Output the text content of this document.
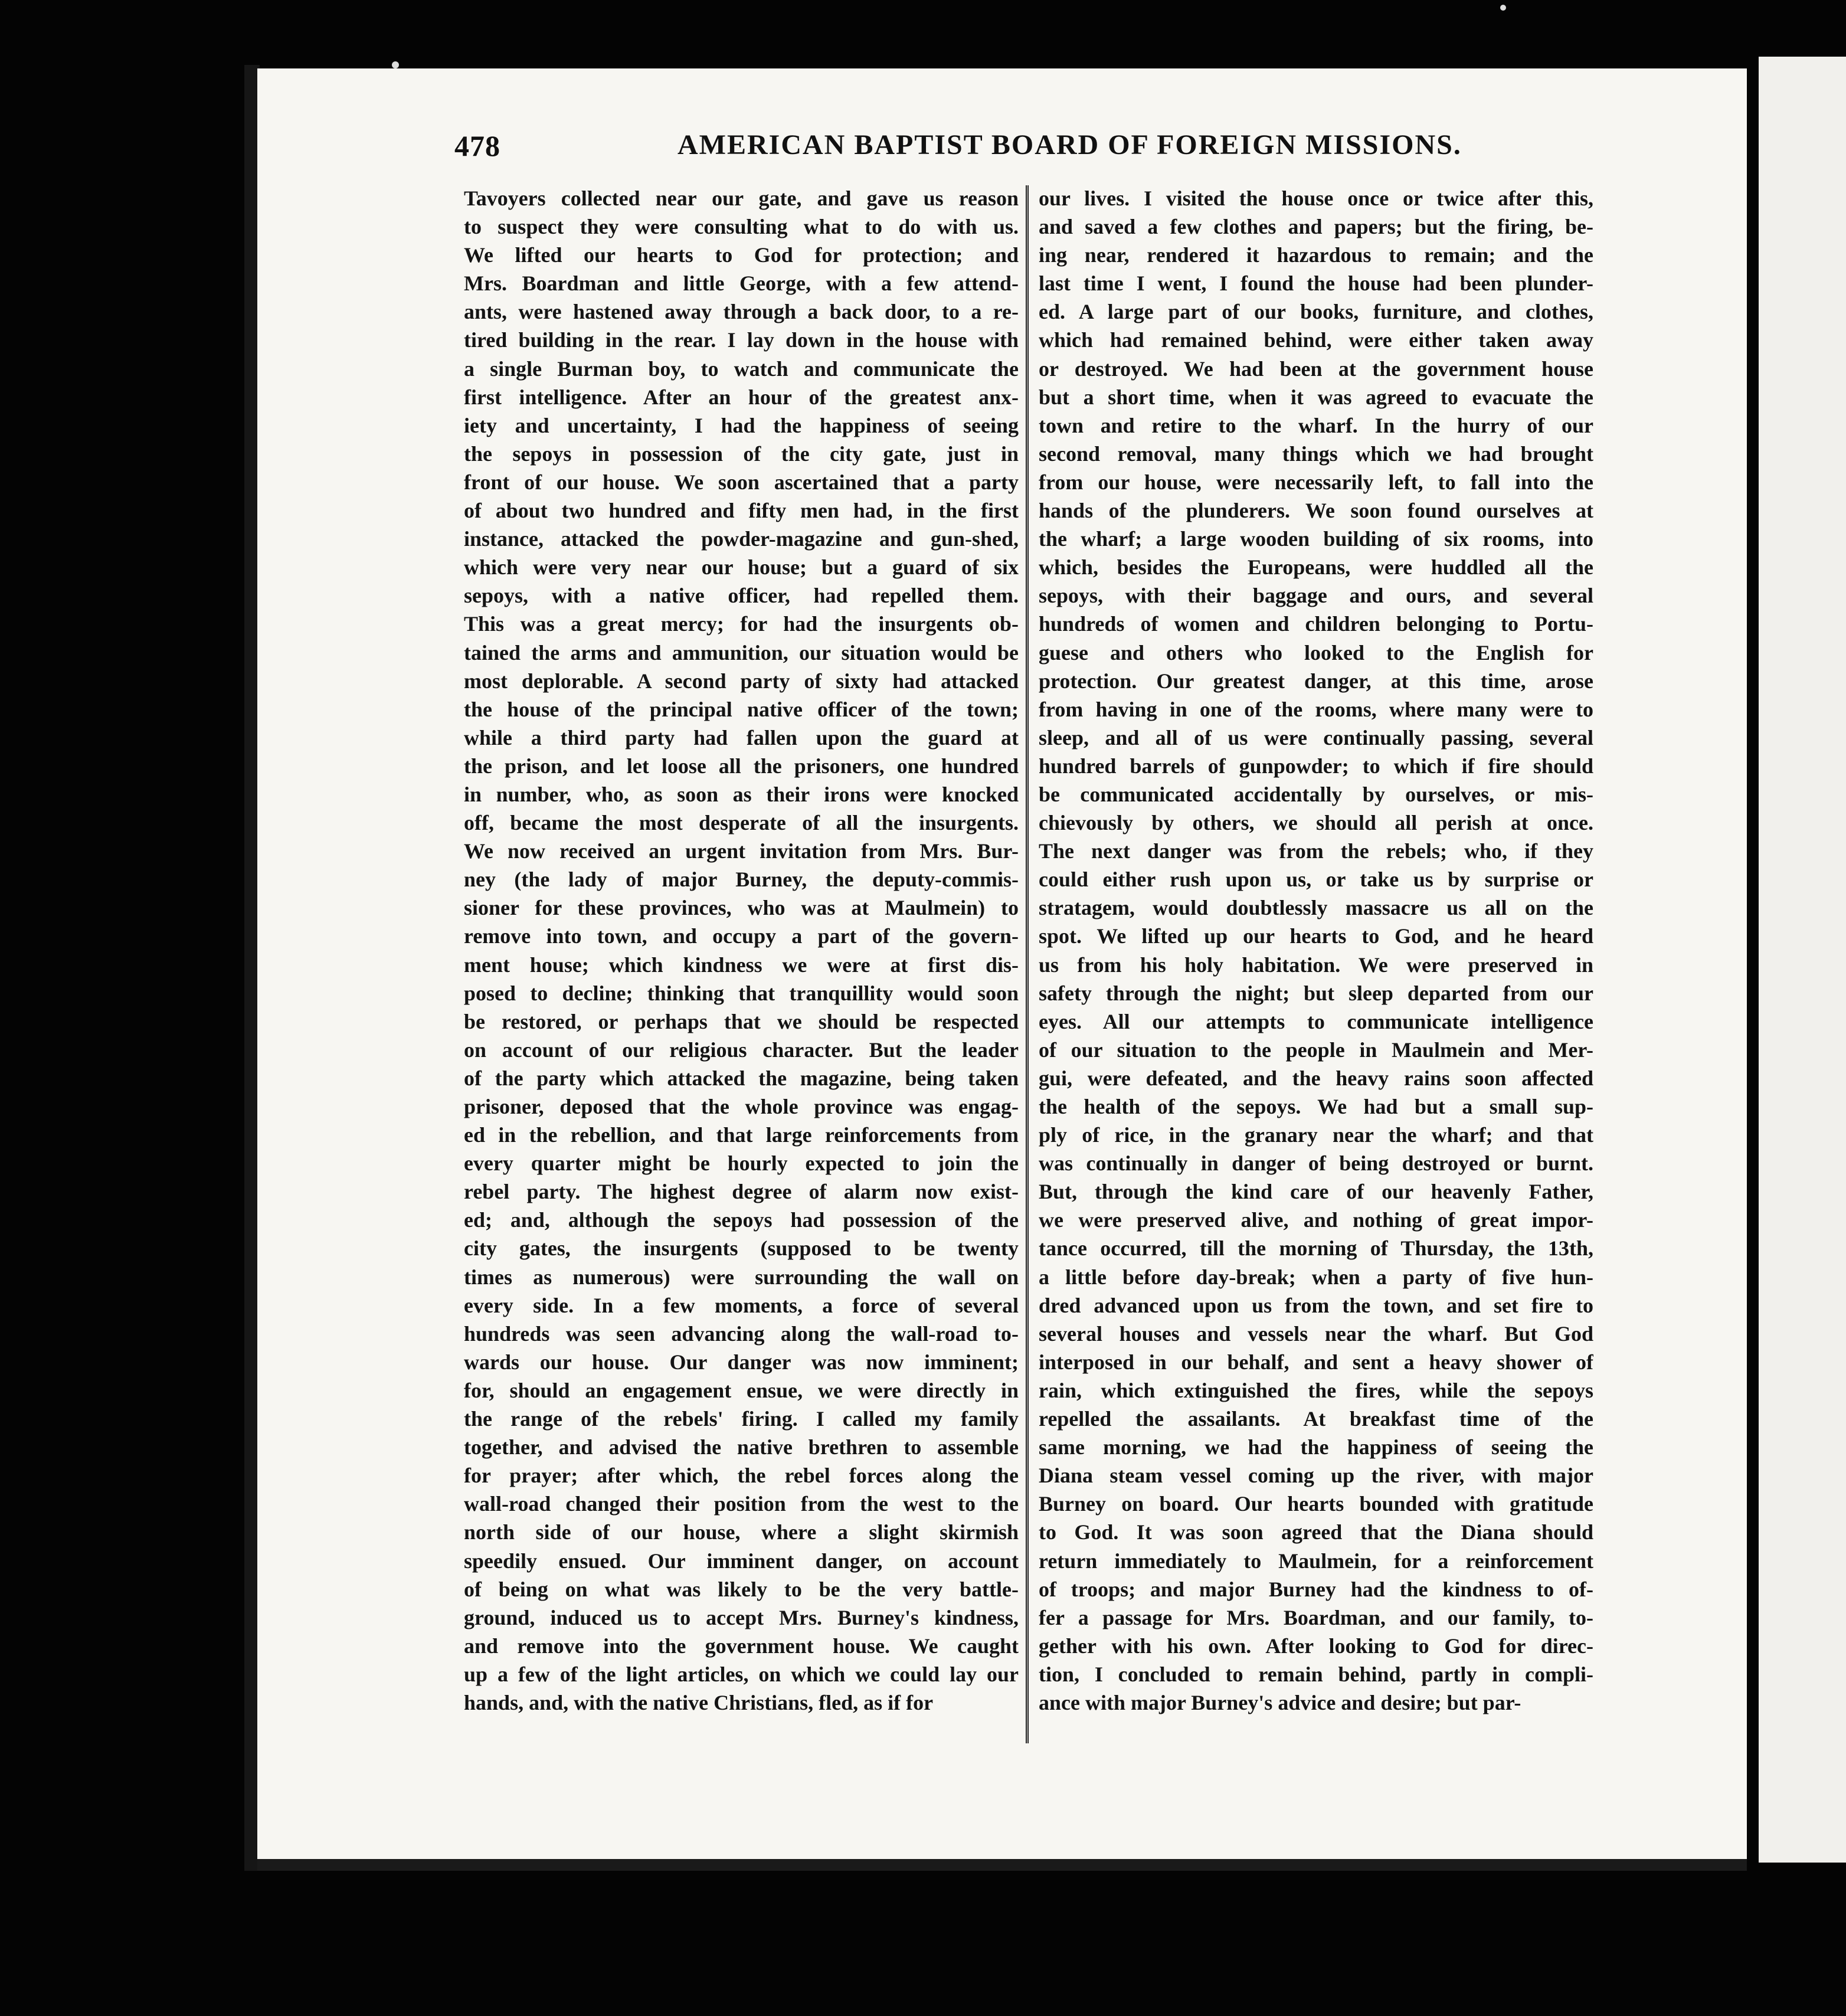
478	AMERICAN BAPTIST BOARD OF FOREIGN MISSIONS.
Tavoyers collected near our gate, and gave us reason
to suspect they were consulting what to do with us.
We lifted our hearts to God for protection; and
Mrs. Boardman and little George, with a few attend-
ants, were hastened away through a back door, to a re-
tired building in the rear. I lay down in the house with
a single Burman boy, to watch and communicate the
first intelligence. After an hour of the greatest anx-
iety and uncertainty, I had the happiness of seeing
the sepoys in possession of the city gate, just in
front of our house. We soon ascertained that a party
of about two hundred and fifty men had, in the first
instance, attacked the powder-magazine and gun-shed,
which were very near our house; but a guard of six
sepoys, with a native officer, had repelled them.
This was a great mercy; for had the insurgents ob-
tained the arms and ammunition, our situation would be
most deplorable. A second party of sixty had attacked
the house of the principal native officer of the town;
while a third party had fallen upon the guard at
the prison, and let loose all the prisoners, one hundred
in number, who, as soon as their irons were knocked
off, became the most desperate of all the insurgents.
We now received an urgent invitation from Mrs. Bur-
ney (the lady of major Burney, the deputy-commis-
sioner for these provinces, who was at Maulmein) to
remove into town, and occupy a part of the govern-
ment house; which kindness we were at first dis-
posed to decline; thinking that tranquillity would soon
be restored, or perhaps that we should be respected
on account of our religious character. But the leader
of the party which attacked the magazine, being taken
prisoner, deposed that the whole province was engag-
ed in the rebellion, and that large reinforcements from
every quarter might be hourly expected to join the
rebel party. The highest degree of alarm now exist-
ed; and, although the sepoys had possession of the
city gates, the insurgents (supposed to be twenty
times as numerous) were surrounding the wall on
every side. In a few moments, a force of several
hundreds was seen advancing along the wall-road to-
wards our house. Our danger was now imminent;
for, should an engagement ensue, we were directly in
the range of the rebels' firing. I called my family
together, and advised the native brethren to assemble
for prayer; after which, the rebel forces along the
wall-road changed their position from the west to the
north side of our house, where a slight skirmish
speedily ensued. Our imminent danger, on account
of being on what was likely to be the very battle-
ground, induced us to accept Mrs. Burney's kindness,
and remove into the government house. We caught
up a few of the light articles, on which we could lay our
hands, and, with the native Christians, fled, as if for
our lives. I visited the house once or twice after this,
and saved a few clothes and papers; but the firing, be-
ing near, rendered it hazardous to remain; and the
last time I went, I found the house had been plunder-
ed. A large part of our books, furniture, and clothes,
which had remained behind, were either taken away
or destroyed. We had been at the government house
but a short time, when it was agreed to evacuate the
town and retire to the wharf. In the hurry of our
second removal, many things which we had brought
from our house, were necessarily left, to fall into the
hands of the plunderers. We soon found ourselves at
the wharf; a large wooden building of six rooms, into
which, besides the Europeans, were huddled all the
sepoys, with their baggage and ours, and several
hundreds of women and children belonging to Portu-
guese and others who looked to the English for
protection. Our greatest danger, at this time, arose
from having in one of the rooms, where many were to
sleep, and all of us were continually passing, several
hundred barrels of gunpowder; to which if fire should
be communicated accidentally by ourselves, or mis-
chievously by others, we should all perish at once.
The next danger was from the rebels; who, if they
could either rush upon us, or take us by surprise or
stratagem, would doubtlessly massacre us all on the
spot. We lifted up our hearts to God, and he heard
us from his holy habitation. We were preserved in
safety through the night; but sleep departed from our
eyes. All our attempts to communicate intelligence
of our situation to the people in Maulmein and Mer-
gui, were defeated, and the heavy rains soon affected
the health of the sepoys. We had but a small sup-
ply of rice, in the granary near the wharf; and that
was continually in danger of being destroyed or burnt.
But, through the kind care of our heavenly Father,
we were preserved alive, and nothing of great impor-
tance occurred, till the morning of Thursday, the 13th,
a little before day-break; when a party of five hun-
dred advanced upon us from the town, and set fire to
several houses and vessels near the wharf. But God
interposed in our behalf, and sent a heavy shower of
rain, which extinguished the fires, while the sepoys
repelled the assailants. At breakfast time of the
same morning, we had the happiness of seeing the
Diana steam vessel coming up the river, with major
Burney on board. Our hearts bounded with gratitude
to God. It was soon agreed that the Diana should
return immediately to Maulmein, for a reinforcement
of troops; and major Burney had the kindness to of-
fer a passage for Mrs. Boardman, and our family, to-
gether with his own. After looking to God for direc-
tion, I concluded to remain behind, partly in compli-
ance with major Burney's advice and desire; but par-
